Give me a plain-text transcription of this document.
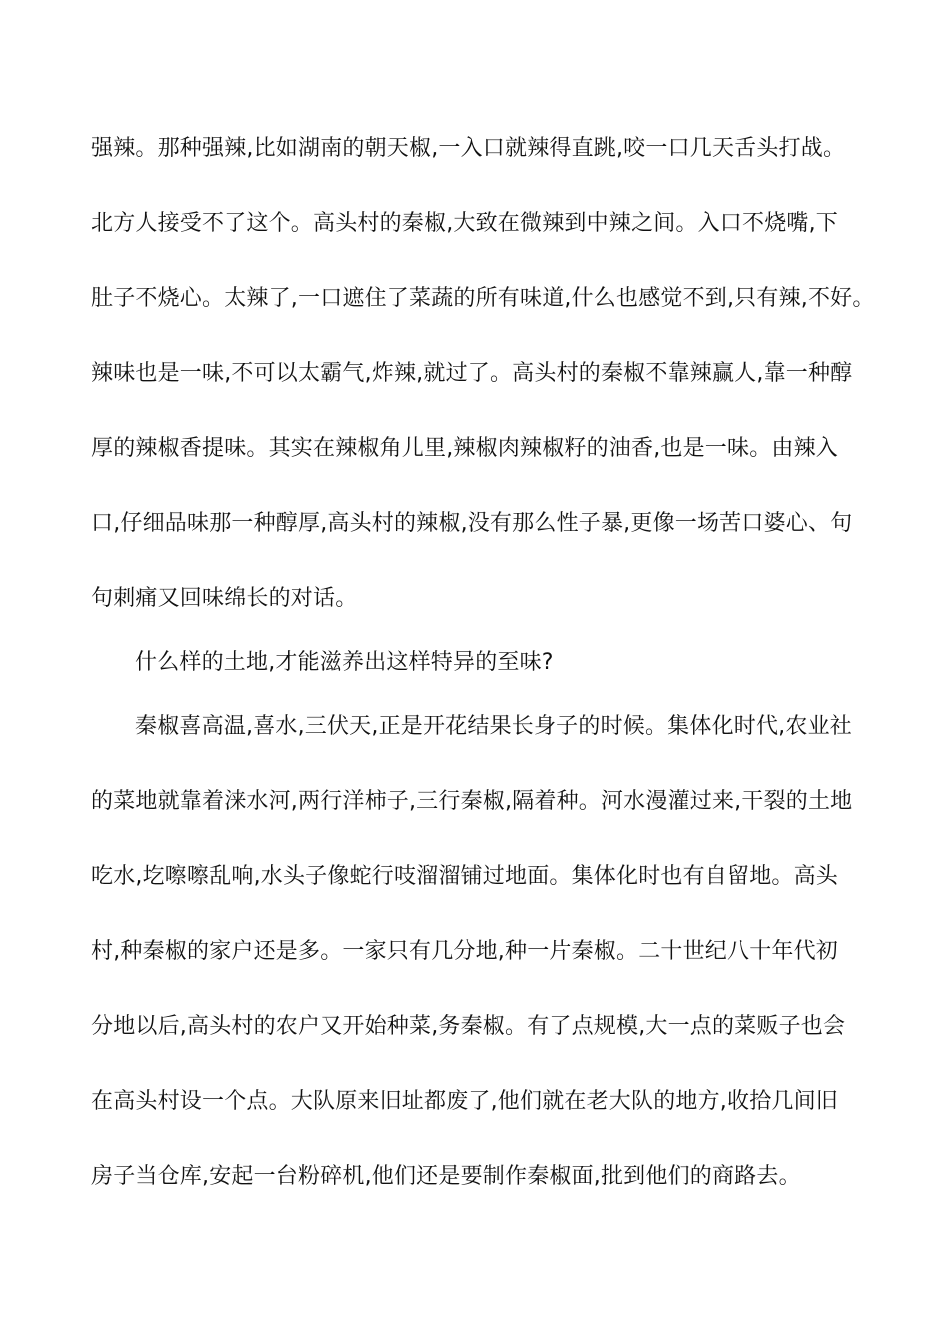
强辣。那种强辣,比如湖南的朝天椒,一入口就辣得直跳,咬一口几天舌头打战。
北方人接受不了这个。高头村的秦椒,大致在微辣到中辣之间。入口不烧嘴,下
肚子不烧心。太辣了,一口遮住了菜蔬的所有味道,什么也感觉不到,只有辣,不好。
辣味也是一味,不可以太霸气,炸辣,就过了。高头村的秦椒不靠辣赢人,靠一种醇
厚的辣椒香提味。其实在辣椒角儿里,辣椒肉辣椒籽的油香,也是一味。由辣入
口,仔细品味那一种醇厚,高头村的辣椒,没有那么性子暴,更像一场苦口婆心、句
句刺痛又回味绵长的对话。
什么样的土地,才能滋养出这样特异的至味?
秦椒喜高温,喜水,三伏天,正是开花结果长身子的时候。集体化时代,农业社
的菜地就靠着涞水河,两行洋柿子,三行秦椒,隔着种。河水漫灌过来,干裂的土地
吃水,圪嚓嚓乱响,水头子像蛇行吱溜溜铺过地面。集体化时也有自留地。高头
村,种秦椒的家户还是多。一家只有几分地,种一片秦椒。二十世纪八十年代初
分地以后,高头村的农户又开始种菜,务秦椒。有了点规模,大一点的菜贩子也会
在高头村设一个点。大队原来旧址都废了,他们就在老大队的地方,收拾几间旧
房子当仓库,安起一台粉碎机,他们还是要制作秦椒面,批到他们的商路去。
